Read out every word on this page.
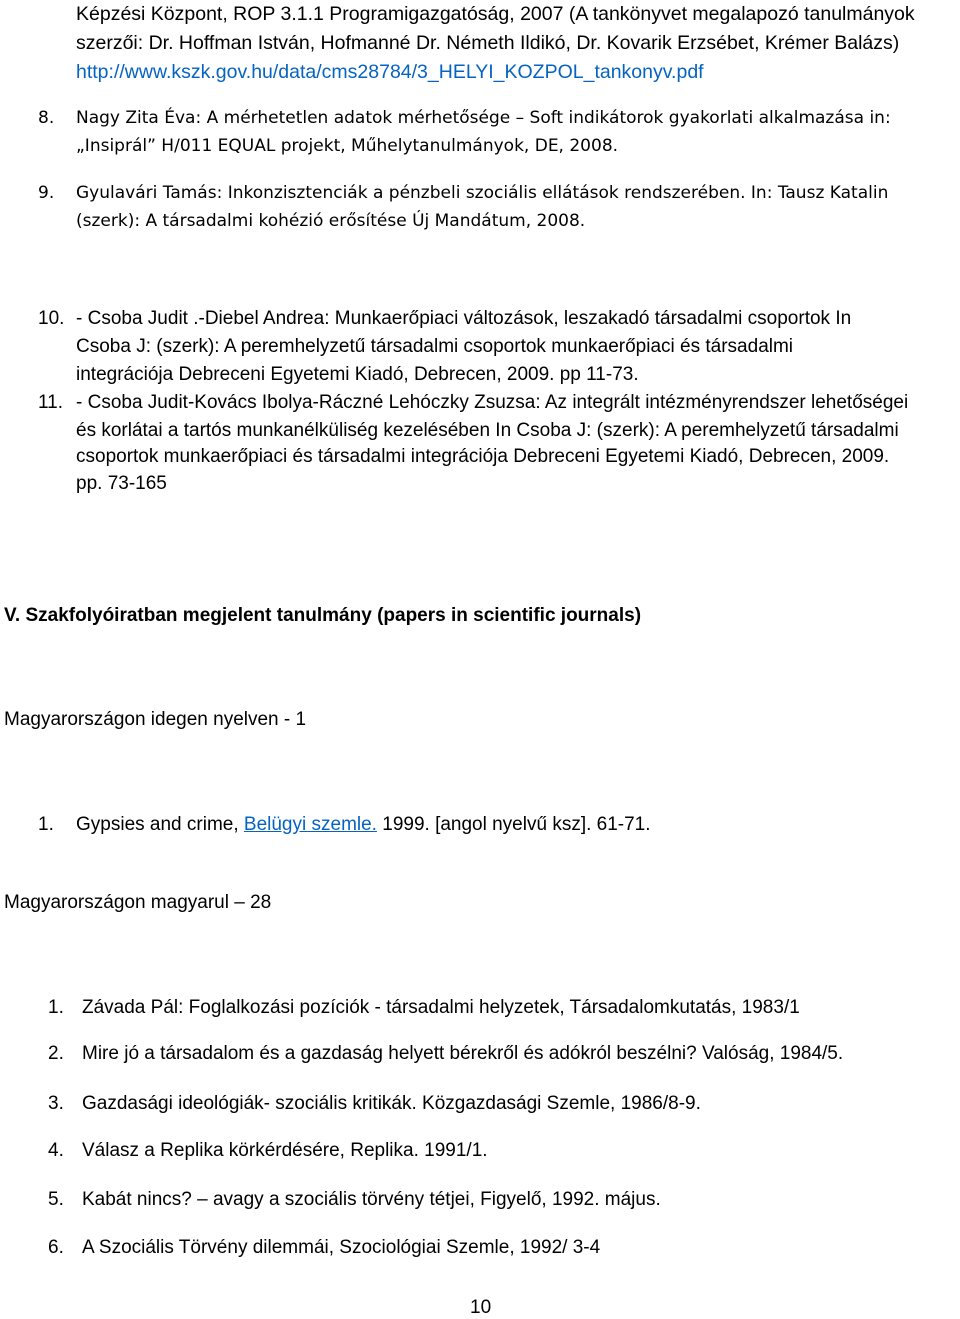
Képzési Központ, ROP 3.1.1 Programigazgatóság, 2007 (A tankönyvet megalapozó tanulmányok
szerzői: Dr. Hoffman István, Hofmanné Dr. Németh Ildikó, Dr. Kovarik Erzsébet, Krémer Balázs)
http://www.kszk.gov.hu/data/cms28784/3_HELYI_KOZPOL_tankonyv.pdf
8. Nagy Zita Éva: A mérhetetlen adatok mérhetősége – Soft indikátorok gyakorlati alkalmazása in:
„Insiprál” H/011 EQUAL projekt, Műhelytanulmányok, DE, 2008.
9. Gyulavári Tamás: Inkonzisztenciák a pénzbeli szociális ellátások rendszerében. In: Tausz Katalin
(szerk): A társadalmi kohézió erősítése Új Mandátum, 2008.
10. - Csoba Judit .-Diebel Andrea: Munkaerőpiaci változások, leszakadó társadalmi csoportok In
Csoba J: (szerk): A peremhelyzetű társadalmi csoportok munkaerőpiaci és társadalmi
integrációja Debreceni Egyetemi Kiadó, Debrecen, 2009. pp 11-73.
11. - Csoba Judit-Kovács Ibolya-Ráczné Lehóczky Zsuzsa: Az integrált intézményrendszer lehetőségei
és korlátai a tartós munkanélküliség kezelésében In Csoba J: (szerk): A peremhelyzetű társadalmi
csoportok munkaerőpiaci és társadalmi integrációja Debreceni Egyetemi Kiadó, Debrecen, 2009.
pp. 73-165
V. Szakfolyóiratban megjelent tanulmány (papers in scientific journals)
Magyarországon idegen nyelven - 1
1. Gypsies and crime, Belügyi szemle. 1999. [angol nyelvű ksz]. 61-71.
Magyarországon magyarul – 28
1. Závada Pál: Foglalkozási pozíciók - társadalmi helyzetek, Társadalomkutatás, 1983/1
2. Mire jó a társadalom és a gazdaság helyett bérekről és adókról beszélni? Valóság, 1984/5.
3. Gazdasági ideológiák- szociális kritikák. Közgazdasági Szemle, 1986/8-9.
4. Válasz a Replika körkérdésére, Replika. 1991/1.
5. Kabát nincs? – avagy a szociális törvény tétjei, Figyelő, 1992. május.
6. A Szociális Törvény dilemmái, Szociológiai Szemle, 1992/ 3-4
10
